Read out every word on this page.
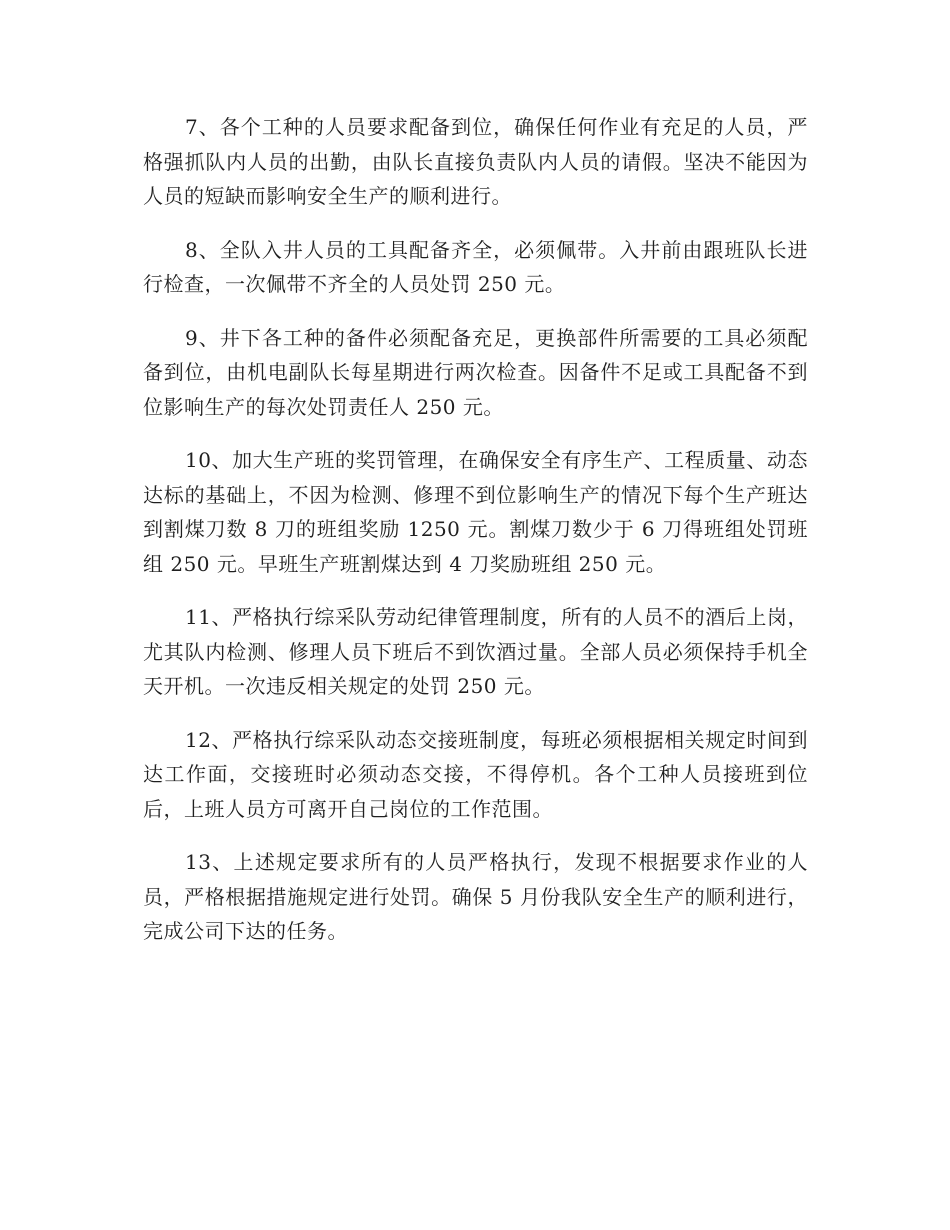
7、各个工种的人员要求配备到位，确保任何作业有充足的人员，严格强抓队内人员的出勤，由队长直接负责队内人员的请假。坚决不能因为人员的短缺而影响安全生产的顺利进行。

8、全队入井人员的工具配备齐全，必须佩带。入井前由跟班队长进行检查，一次佩带不齐全的人员处罚 250 元。

9、井下各工种的备件必须配备充足，更换部件所需要的工具必须配备到位，由机电副队长每星期进行两次检查。因备件不足或工具配备不到位影响生产的每次处罚责任人 250 元。

10、加大生产班的奖罚管理，在确保安全有序生产、工程质量、动态达标的基础上，不因为检测、修理不到位影响生产的情况下每个生产班达到割煤刀数 8 刀的班组奖励 1250 元。割煤刀数少于 6 刀得班组处罚班组 250 元。早班生产班割煤达到 4 刀奖励班组 250 元。

11、严格执行综采队劳动纪律管理制度，所有的人员不的酒后上岗，尤其队内检测、修理人员下班后不到饮酒过量。全部人员必须保持手机全天开机。一次违反相关规定的处罚 250 元。

12、严格执行综采队动态交接班制度，每班必须根据相关规定时间到达工作面，交接班时必须动态交接，不得停机。各个工种人员接班到位后，上班人员方可离开自己岗位的工作范围。

13、上述规定要求所有的人员严格执行，发现不根据要求作业的人员，严格根据措施规定进行处罚。确保 5 月份我队安全生产的顺利进行，完成公司下达的任务。
